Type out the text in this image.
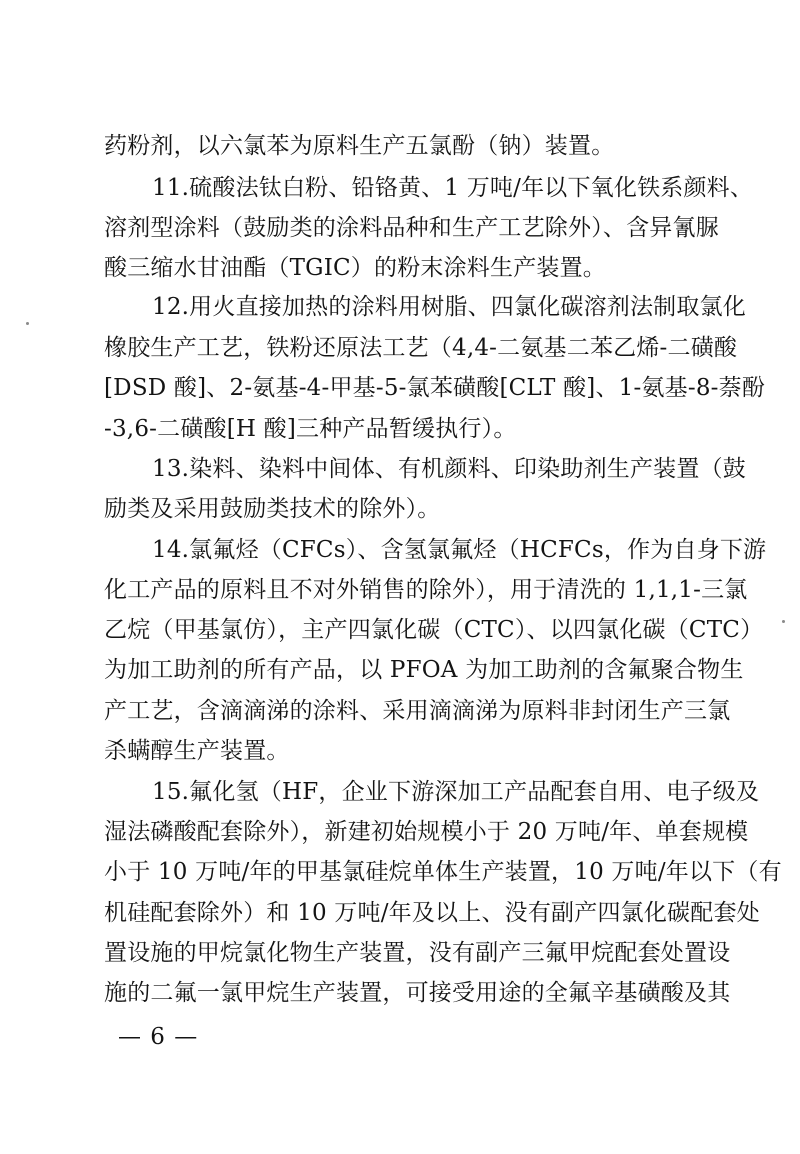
药粉剂，以六氯苯为原料生产五氯酚（钠）装置。
11.硫酸法钛白粉、铅铬黄、1 万吨/年以下氧化铁系颜料、
溶剂型涂料（鼓励类的涂料品种和生产工艺除外）、含异氰脲
酸三缩水甘油酯（TGIC）的粉末涂料生产装置。
12.用火直接加热的涂料用树脂、四氯化碳溶剂法制取氯化
橡胶生产工艺，铁粉还原法工艺（4,4-二氨基二苯乙烯-二磺酸
[DSD 酸]、2-氨基-4-甲基-5-氯苯磺酸[CLT 酸]、1-氨基-8-萘酚
-3,6-二磺酸[H 酸]三种产品暂缓执行）。
13.染料、染料中间体、有机颜料、印染助剂生产装置（鼓
励类及采用鼓励类技术的除外）。
14.氯氟烃（CFCs）、含氢氯氟烃（HCFCs，作为自身下游
化工产品的原料且不对外销售的除外），用于清洗的 1,1,1-三氯
乙烷（甲基氯仿），主产四氯化碳（CTC）、以四氯化碳（CTC）
为加工助剂的所有产品，以 PFOA 为加工助剂的含氟聚合物生
产工艺，含滴滴涕的涂料、采用滴滴涕为原料非封闭生产三氯
杀螨醇生产装置。
15.氟化氢（HF，企业下游深加工产品配套自用、电子级及
湿法磷酸配套除外），新建初始规模小于 20 万吨/年、单套规模
小于 10 万吨/年的甲基氯硅烷单体生产装置，10 万吨/年以下（有
机硅配套除外）和 10 万吨/年及以上、没有副产四氯化碳配套处
置设施的甲烷氯化物生产装置，没有副产三氟甲烷配套处置设
施的二氟一氯甲烷生产装置，可接受用途的全氟辛基磺酸及其
— 6 —
